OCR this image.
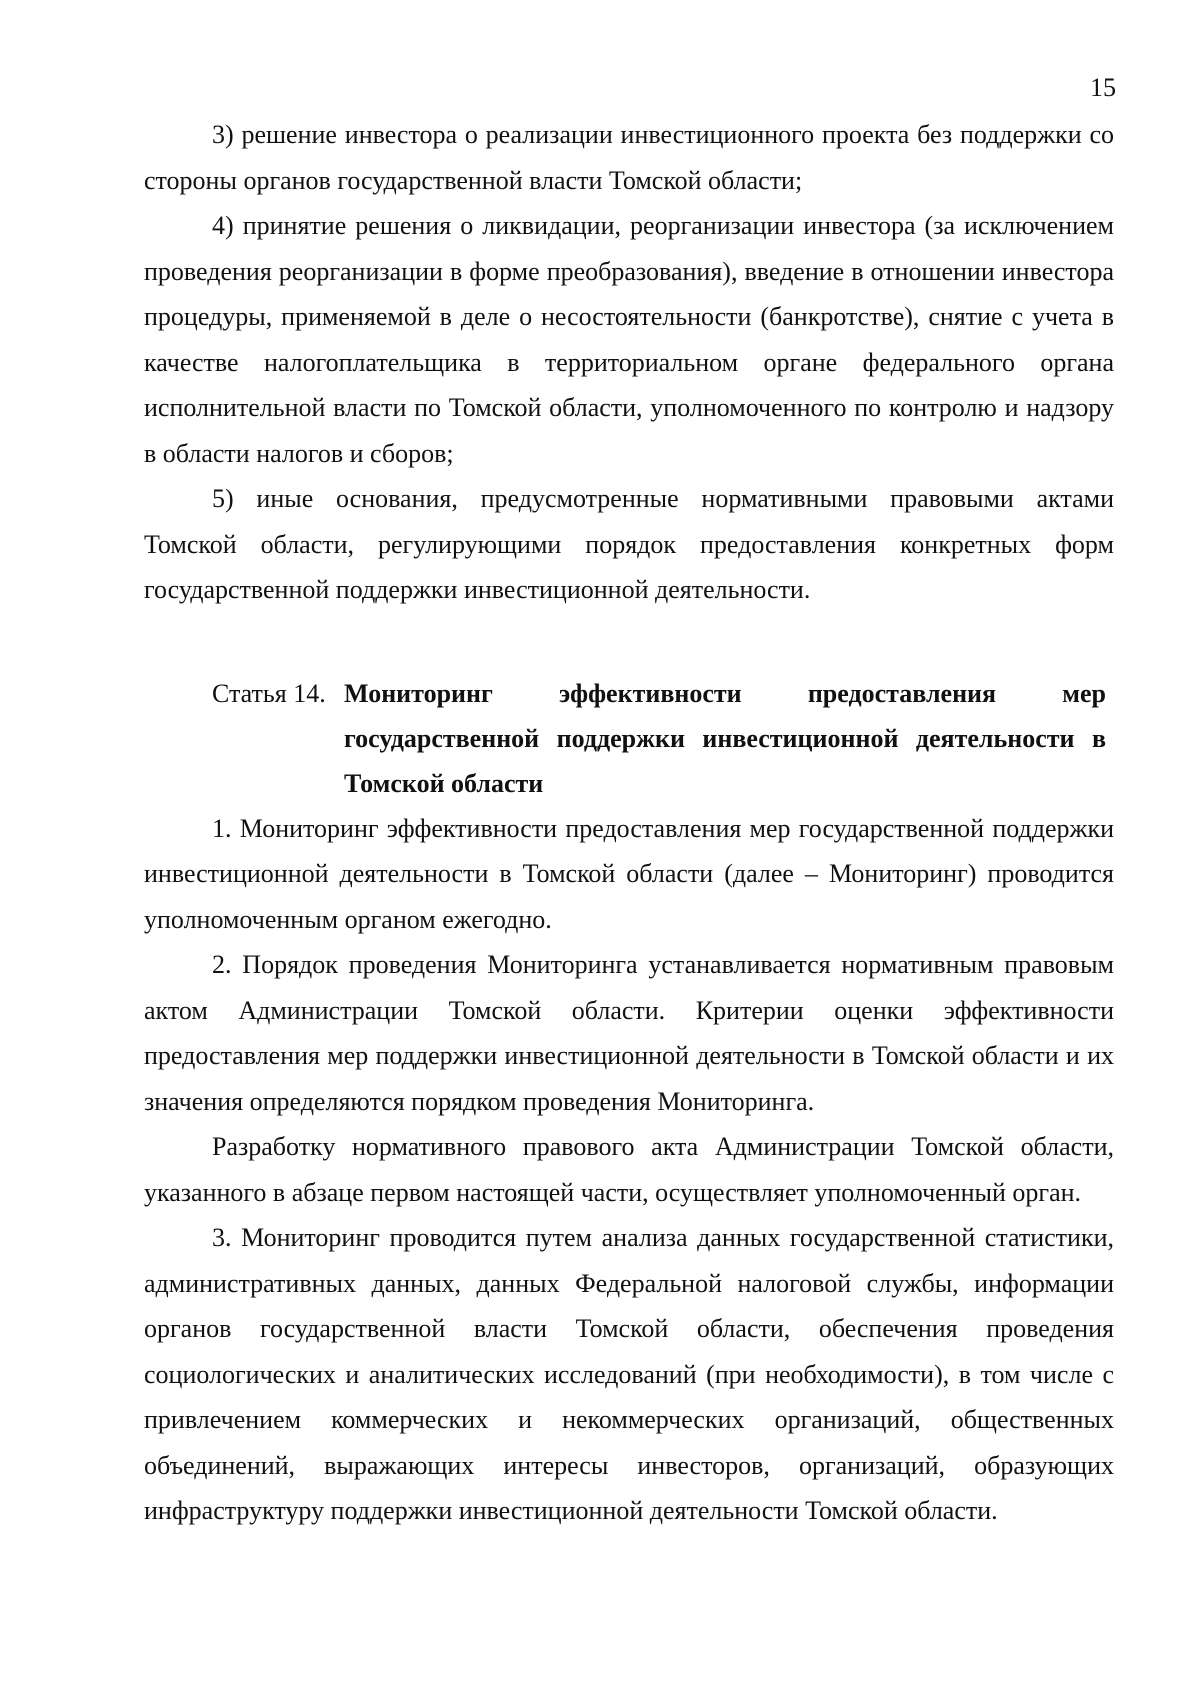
15

3) решение инвестора о реализации инвестиционного проекта без поддержки со стороны органов государственной власти Томской области;

4) принятие решения о ликвидации, реорганизации инвестора (за исключением проведения реорганизации в форме преобразования), введение в отношении инвестора процедуры, применяемой в деле о несостоятельности (банкротстве), снятие с учета в качестве налогоплательщика в территориальном органе федерального органа исполнительной власти по Томской области, уполномоченного по контролю и надзору в области налогов и сборов;

5) иные основания, предусмотренные нормативными правовыми актами Томской области, регулирующими порядок предоставления конкретных форм государственной поддержки инвестиционной деятельности.

Статья 14. Мониторинг эффективности предоставления мер государственной поддержки инвестиционной деятельности в Томской области

1. Мониторинг эффективности предоставления мер государственной поддержки инвестиционной деятельности в Томской области (далее – Мониторинг) проводится уполномоченным органом ежегодно.

2. Порядок проведения Мониторинга устанавливается нормативным правовым актом Администрации Томской области. Критерии оценки эффективности предоставления мер поддержки инвестиционной деятельности в Томской области и их значения определяются порядком проведения Мониторинга.

Разработку нормативного правового акта Администрации Томской области, указанного в абзаце первом настоящей части, осуществляет уполномоченный орган.

3. Мониторинг проводится путем анализа данных государственной статистики, административных данных, данных Федеральной налоговой службы, информации органов государственной власти Томской области, обеспечения проведения социологических и аналитических исследований (при необходимости), в том числе с привлечением коммерческих и некоммерческих организаций, общественных объединений, выражающих интересы инвесторов, организаций, образующих инфраструктуру поддержки инвестиционной деятельности Томской области.
